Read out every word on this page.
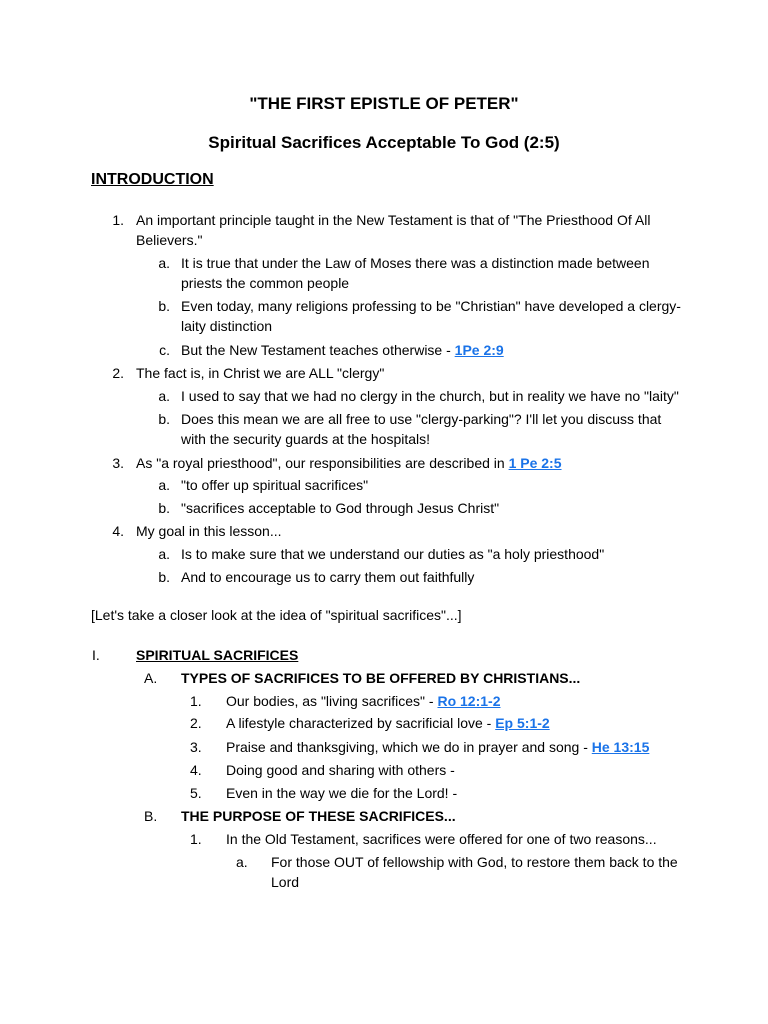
"THE FIRST EPISTLE OF PETER"
Spiritual Sacrifices Acceptable To God (2:5)
INTRODUCTION
1. An important principle taught in the New Testament is that of "The Priesthood Of All
Believers."
a. It is true that under the Law of Moses there was a distinction made between
priests the common people
b. Even today, many religions professing to be "Christian" have developed a clergy-
laity distinction
c. But the New Testament teaches otherwise - 1Pe 2:9
2. The fact is, in Christ we are ALL "clergy"
a. I used to say that we had no clergy in the church, but in reality we have no "laity"
b. Does this mean we are all free to use "clergy-parking"? I'll let you discuss that
with the security guards at the hospitals!
3. As "a royal priesthood", our responsibilities are described in 1 Pe 2:5
a. "to offer up spiritual sacrifices"
b. "sacrifices acceptable to God through Jesus Christ"
4. My goal in this lesson...
a. Is to make sure that we understand our duties as "a holy priesthood"
b. And to encourage us to carry them out faithfully
[Let's take a closer look at the idea of "spiritual sacrifices"...]
I.	SPIRITUAL SACRIFICES
A.	TYPES OF SACRIFICES TO BE OFFERED BY CHRISTIANS...
1.	Our bodies, as "living sacrifices" - Ro 12:1-2
2.	A lifestyle characterized by sacrificial love - Ep 5:1-2
3.	Praise and thanksgiving, which we do in prayer and song - He 13:15
4.	Doing good and sharing with others -
5.	Even in the way we die for the Lord! -
B.	THE PURPOSE OF THESE SACRIFICES...
1.	In the Old Testament, sacrifices were offered for one of two reasons...
a.	For those OUT of fellowship with God, to restore them back to the
Lord
